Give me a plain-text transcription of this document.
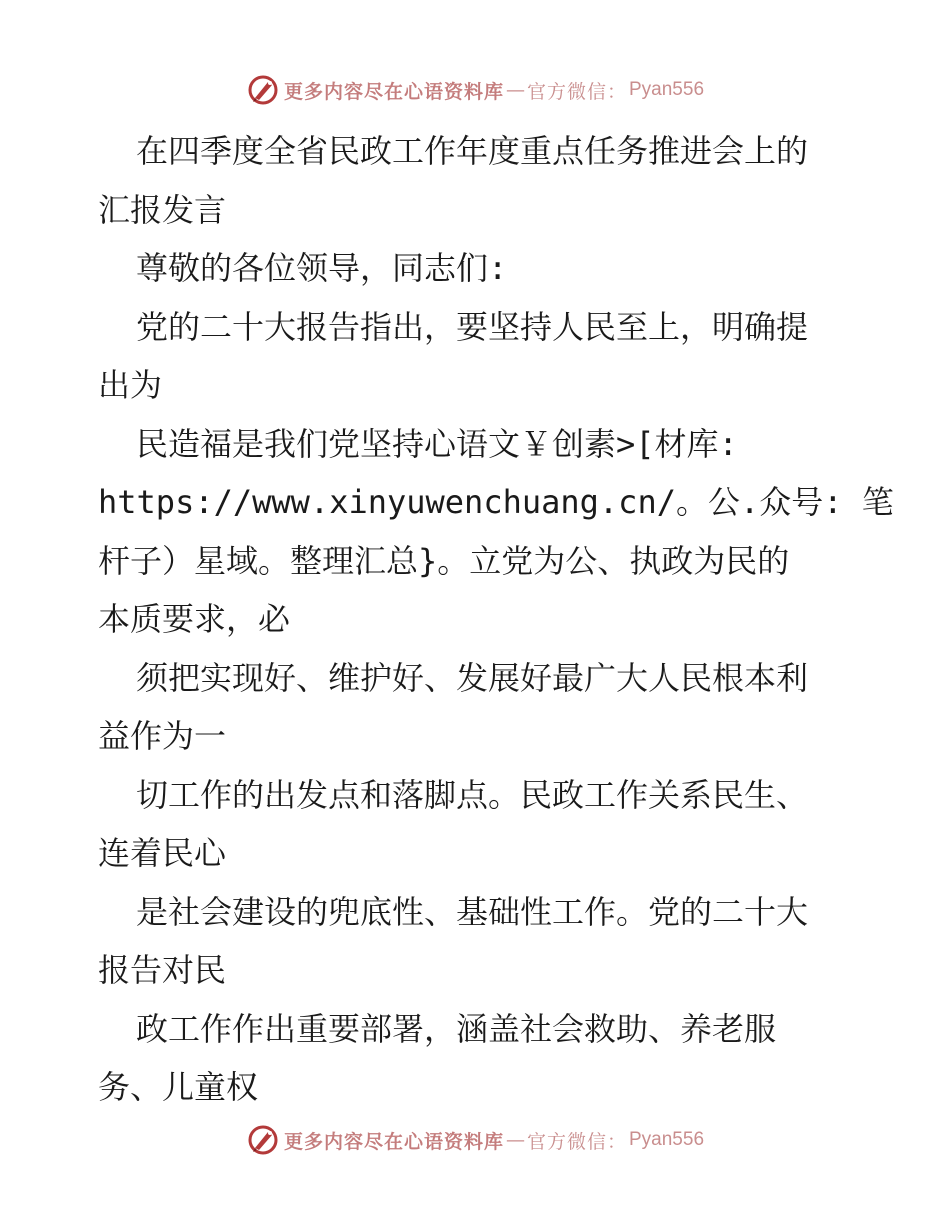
更多内容尽在心语资料库 — 官方微信： Pyan556
在四季度全省民政工作年度重点任务推进会上的
汇报发言
尊敬的各位领导，同志们:
党的二十大报告指出，要坚持人民至上，明确提
出为
民造福是我们党坚持心语文￥创素>[材库:
https://www.xinyuwenchuang.cn/。公.众号: 笔
杆子）星域。整理汇总}。立党为公、执政为民的
本质要求，必
须把实现好、维护好、发展好最广大人民根本利
益作为一
切工作的出发点和落脚点。民政工作关系民生、
连着民心
是社会建设的兜底性、基础性工作。党的二十大
报告对民
政工作作出重要部署，涵盖社会救助、养老服
务、儿童权
更多内容尽在心语资料库 — 官方微信： Pyan556
